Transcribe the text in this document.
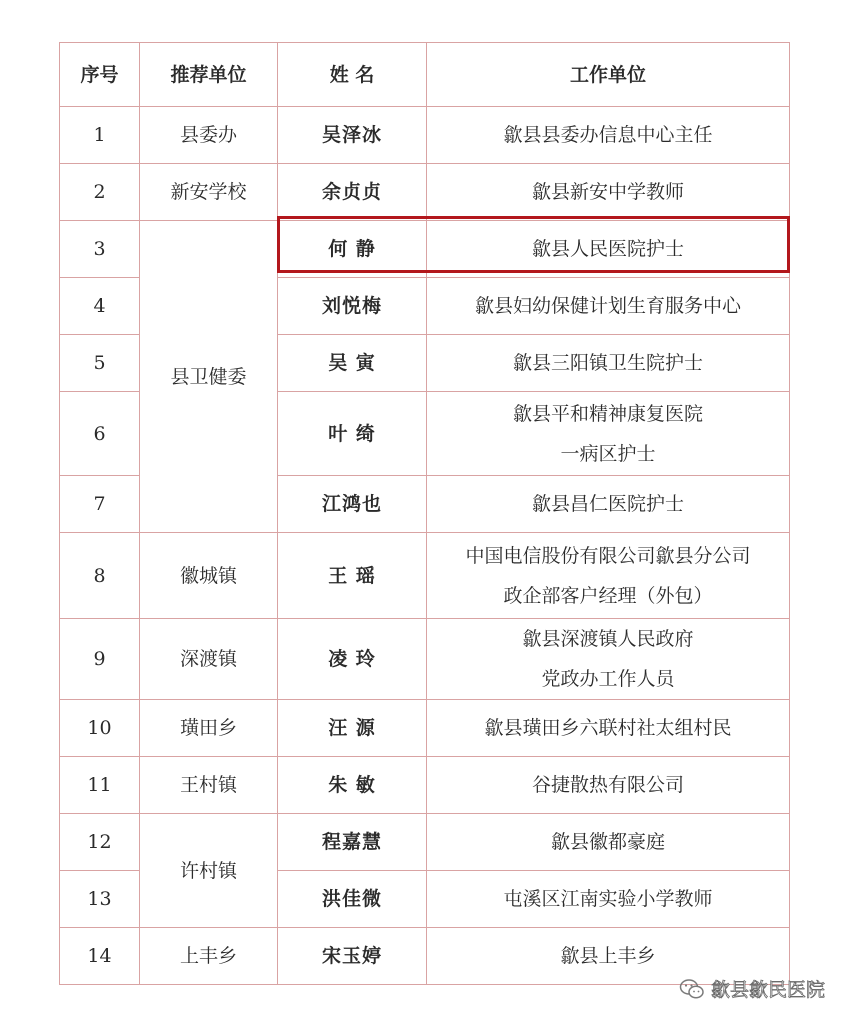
序号	推荐单位	姓 名	工作单位
1	县委办	吴泽冰	歙县县委办信息中心主任

2	新安学校	余贞贞	歙县新安中学教师

3	县卫健委	何 静	歙县人民医院护士

4		刘悦梅	歙县妇幼保健计划生育服务中心

5		吴 寅	歙县三阳镇卫生院护士

6		叶 绮	歙县平和精神康复医院
一病区护士

7		江鸿也	歙县昌仁医院护士

8	徽城镇	王 瑶	中国电信股份有限公司歙县分公司
政企部客户经理（外包）

9	深渡镇	凌 玲	歙县深渡镇人民政府
党政办工作人员

10	璜田乡	汪 源	歙县璜田乡六联村社太组村民

11	王村镇	朱 敏	谷捷散热有限公司

12	许村镇	程嘉慧	歙县徽都豪庭

13		洪佳微	屯溪区江南实验小学教师

14	上丰乡	宋玉婷	歙县上丰乡
歙县歙民医院
